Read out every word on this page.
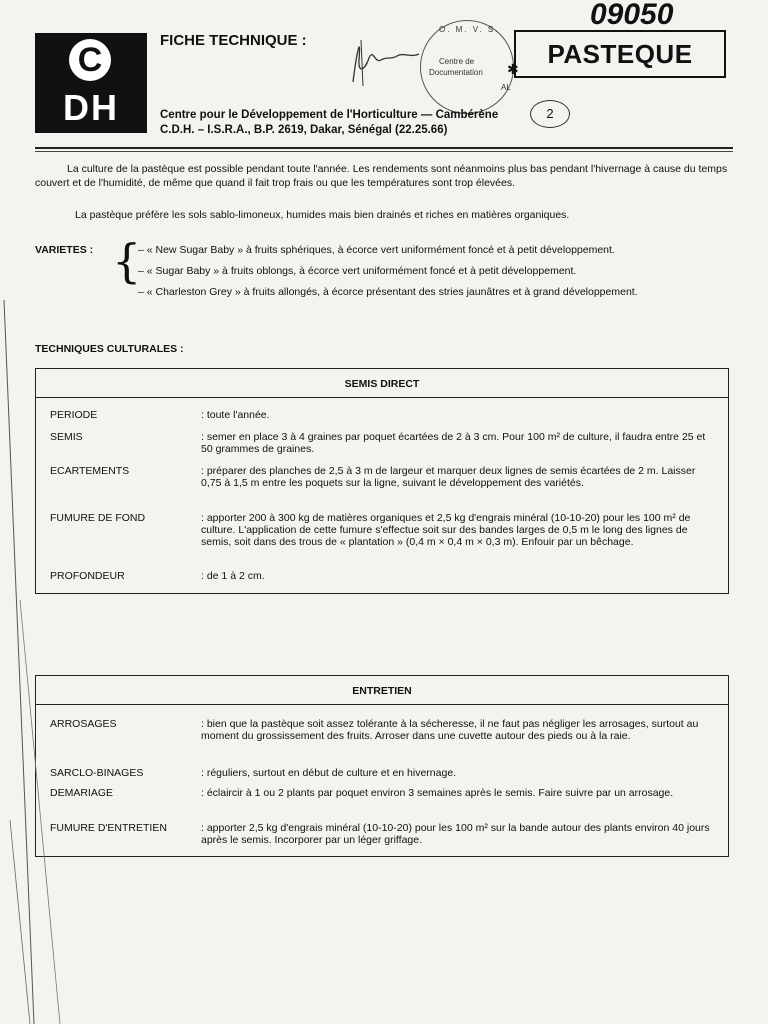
C
DH
FICHE TECHNIQUE :
O. M. V. S.
Centre de
Documentation
AL
✱
09050
PASTEQUE
Centre pour le Développement de l'Horticulture — Cambérène
C.D.H. – I.S.R.A., B.P. 2619, Dakar, Sénégal (22.25.66)
2
La culture de la pastèque est possible pendant toute l'année. Les rendements sont néanmoins plus bas pendant l'hivernage à cause du temps couvert et de l'humidité, de même que quand il fait trop frais ou que les températures sont trop élevées.
La pastèque préfère les sols sablo-limoneux, humides mais bien drainés et riches en matières organiques.
VARIETES : {
– « New Sugar Baby » à fruits sphériques, à écorce vert uniformément foncé et à petit développement.
– « Sugar Baby » à fruits oblongs, à écorce vert uniformément foncé et à petit développement.
– « Charleston Grey » à fruits allongés, à écorce présentant des stries jaunâtres et à grand développement.
TECHNIQUES CULTURALES :
SEMIS DIRECT
PERIODE	: toute l'année.
SEMIS	: semer en place 3 à 4 graines par poquet écartées de 2 à 3 cm. Pour 100 m² de culture, il faudra entre 25 et 50 grammes de graines.
ECARTEMENTS	: préparer des planches de 2,5 à 3 m de largeur et marquer deux lignes de semis écartées de 2 m. Laisser 0,75 à 1,5 m entre les poquets sur la ligne, suivant le développement des variétés.
FUMURE DE FOND	: apporter 200 à 300 kg de matières organiques et 2,5 kg d'engrais minéral (10-10-20) pour les 100 m² de culture. L'application de cette fumure s'effectue soit sur des bandes larges de 0,5 m le long des lignes de semis, soit dans des trous de « plantation » (0,4 m × 0,4 m × 0,3 m). Enfouir par un bêchage.
PROFONDEUR	: de 1 à 2 cm.
ENTRETIEN
ARROSAGES	: bien que la pastèque soit assez tolérante à la sécheresse, il ne faut pas négliger les arrosages, surtout au moment du grossissement des fruits. Arroser dans une cuvette autour des pieds ou à la raie.
SARCLO-BINAGES	: réguliers, surtout en début de culture et en hivernage.
DEMARIAGE	: éclaircir à 1 ou 2 plants par poquet environ 3 semaines après le semis. Faire suivre par un arrosage.
FUMURE D'ENTRETIEN	: apporter 2,5 kg d'engrais minéral (10-10-20) pour les 100 m² sur la bande autour des plants environ 40 jours après le semis. Incorporer par un léger griffage.
